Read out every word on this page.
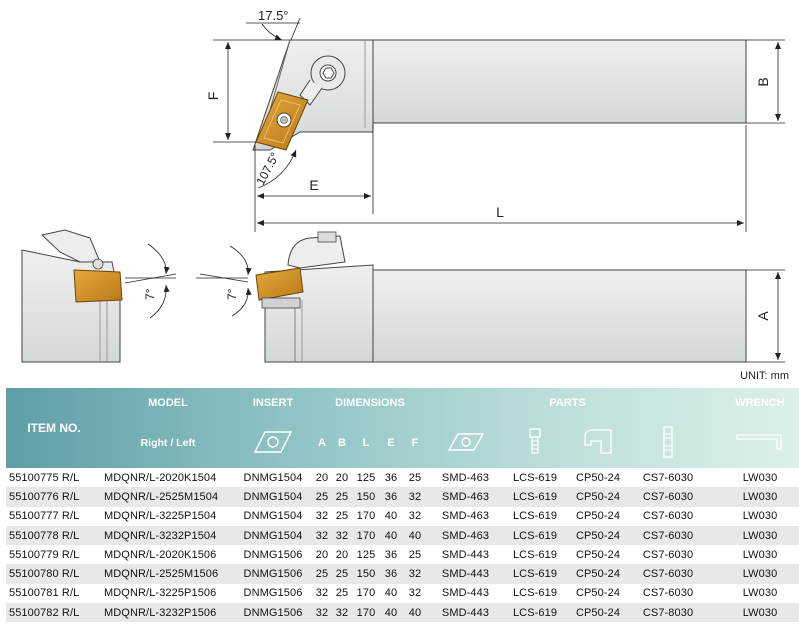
F
17.5°
107.5° E
L
B
7°
7°
A
UNIT: mm
ITEM NO.	MODEL	INSERT	DIMENSIONS					PARTS				WRENCH
	Right / Left		A	B	L	E	F					
55100775 R/L	MDQNR/L-2020K1504	DNMG1504	20	20	125	36	25	SMD-463	LCS-619	CP50-24	CS7-6030	LW030
55100776 R/L	MDQNR/L-2525M1504	DNMG1504	25	25	150	36	32	SMD-463	LCS-619	CP50-24	CS7-6030	LW030
55100777 R/L	MDQNR/L-3225P1504	DNMG1504	32	25	170	40	32	SMD-463	LCS-619	CP50-24	CS7-6030	LW030
55100778 R/L	MDQNR/L-3232P1504	DNMG1504	32	32	170	40	40	SMD-463	LCS-619	CP50-24	CS7-6030	LW030
55100779 R/L	MDQNR/L-2020K1506	DNMG1506	20	20	125	36	25	SMD-443	LCS-619	CP50-24	CS7-6030	LW030
55100780 R/L	MDQNR/L-2525M1506	DNMG1506	25	25	150	36	32	SMD-443	LCS-619	CP50-24	CS7-6030	LW030
55100781 R/L	MDQNR/L-3225P1506	DNMG1506	32	25	170	40	32	SMD-443	LCS-619	CP50-24	CS7-6030	LW030
55100782 R/L	MDQNR/L-3232P1506	DNMG1506	32	32	170	40	40	SMD-443	LCS-619	CP50-24	CS7-8030	LW030
